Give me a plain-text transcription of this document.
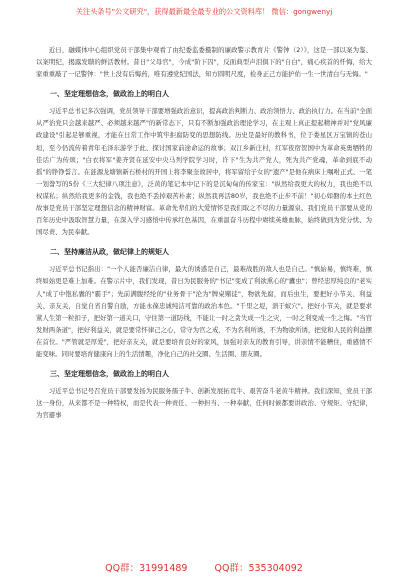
关注头条号"公文研究"，获得最新最全最专业的公文资料库！ 微信：gongwenyj

近日，融媒体中心组织党员干部集中观看了由纪委监委摄制的廉政警示教育片《警钟（2）》，这是一部以案为鉴、以案明纪，揭露发聩的鲜活教材。昔日"父母官"，今成"阶下囚"，反面典型声泪俱下的"自白"，痛心疾首的忏悔，给大家重重敲了一记警钟："世上没有后悔药，唯有遵党纪国法，知方圆明尺度，检身正己方能护佑一生一世清白与无悔。"

一、坚定理想信念，做政治上的明白人

习近平总书记多次强调，党员领导干部要增强政治意识，提高政治判断力、政治领悟力、政治执行力。在当前"全面从严治党只会越来越严、必须越来越严"的新常态下，只有不断加强政治理论学习，在主观上真正提起精神并对"党风廉政建设"引起足够重视，才能在日常工作中筑牢拒腐防变的思想防线。历史是最好的教科书，位于娄星区万宝镇的苍山垣，至今仍流传着青年毛泽东游学于此、探讨国家前途命运的故事；双江乡新庄村，红军夜宿贺国中为革命英勇牺牲的佳话广为传颂；"白衣将军"姜齐贤在延安中央马列学院学习时，许下"生为共产党人，死为共产党魂，革命到底不动摇"的铮铮誓言。在涟源龙塘镇新石桥村的开国上将李聚奎故居中，将军留给子女的"遗产"是他在病床上嘱咐正式、一笔一划誊写的5份《三大纪律八项注意》，泛黄的笔记本中记下的是沉甸甸的传家宝："纵然给我更大的权力，我也绝不以权谋私；纵然给我更多的金钱，我也绝不丢掉艰苦朴素；纵然我再活80岁，我也绝不止步不前！"初心如磐的本土红色故事是党员干部坚定理想信念的精神财富。革命先辈们的大爱情怀是我们取之不尽的力量源泉。我们党员干部要从党的百年历史中汲取智慧力量，在深入学习感悟中传承红色基因，在重温奋斗历程中赓续英雄血脉，始终做到为党分忧、为国尽责、为民奉献。

二、坚持廉洁从政，做纪律上的规矩人

习近平总书记指出："一个人能否廉洁自律，最大的诱惑是自己，最难战胜的敌人也是自己。"慎始易，慎终难，慎终如始更是难上加难。在警示片中，我们发现，昔日为民服务的"书记"变成了利欲熏心的"蠹虫"；曾经忠厚纯良的"老实人"成了中饱私囊的"霸手"；先前满腹经纶的"业务骨干"沦为"牌桌赌徒"，物欲先腐，而后虫生，要把好小节关、利益关、亲友关，自觉自省自警自励，方能永葆忠诚纯洁可靠的政治本色。"千里之堤，溃于蚁穴"。把好小节关，就是要求紧人生第一粒扣子，把好第一道关口，守住第一道防线，不能让一时之贪失成一生之灾，一时之利变成一生之悔。"当官发财两条道"，把好利益关，就是要常怀律己之心，常守为官之戒，不为名利所诱，不为物欲所诱，把党和人民的利益摆在首位。"严管就是厚爱"，把好亲友关，就是要培育良好的家风，加强对亲友的教育引导，讲亲情不能糟住，重感情不能变味。同时要培育健康向上的生活情趣，净化自己的社交圈、生活圈、朋友圈。

三、坚定理想信念，做政治上的明白人

习近平总书记号召党员干部要发扬为民服务孺子牛、创新发展拓荒牛、艰苦奋斗老黄牛精神。我们深知，党员干部这一身份，从来都不是一种特权，而是代表一种责任、一种担当、一种奉献，任何时候都要讲政治、守规矩、守纪律，为官避事

QQ群：31991489	QQ群：535304092
